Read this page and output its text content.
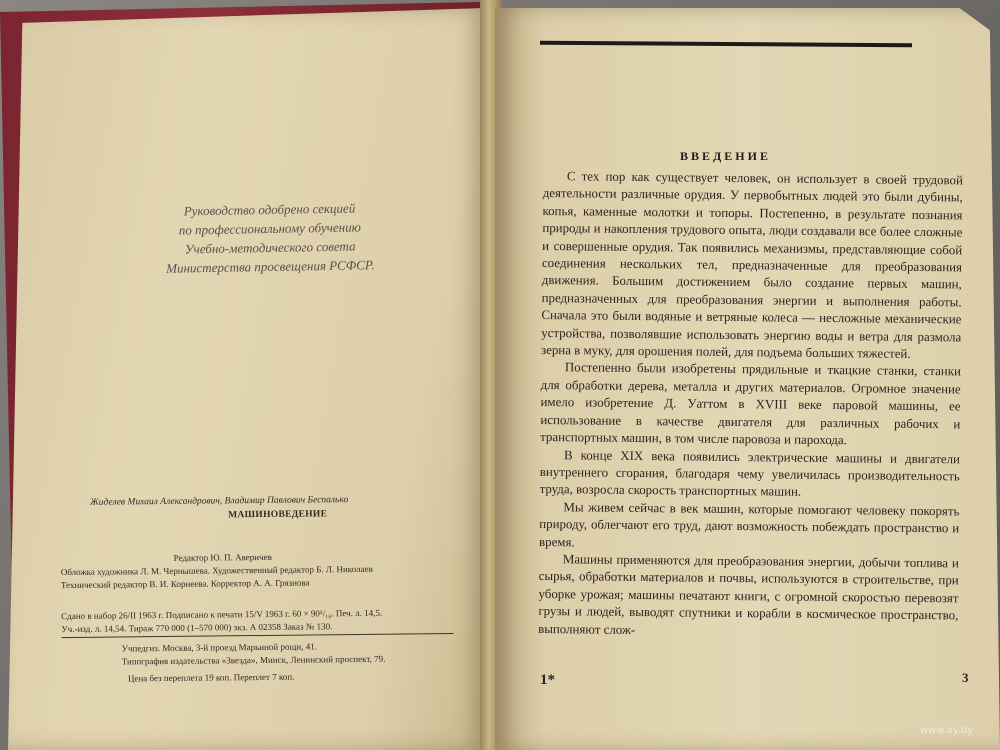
Руководство одобрено секцией
по профессиональному обучению
Учебно-методического совета
Министерства просвещения РСФСР.
Жиделев Михаил Александрович, Владимир Павлович Беспалько
МАШИНОВЕДЕНИЕ
Редактор Ю. П. Аверичев
Обложка художника Л. М. Чернышева. Художественный редактор Б. Л. Николаев
Технический редактор В. И. Корнеева. Корректор А. А. Грязнова
Сдано в набор 26/II 1963 г. Подписано к печати 15/V 1963 г. 60 × 90¹/₁₆. Печ. л. 14,5.
Уч.-изд. л. 14,54. Тираж 770 000 (1–570 000) экз. А 02358 Заказ № 130.
Учпедгиз. Москва, 3-й проезд Марьиной рощи, 41.
Типография издательства «Звезда», Минск, Ленинский проспект, 79.
Цена без переплета 19 коп. Переплет 7 коп.
ВВЕДЕНИЕ

С тех пор как существует человек, он использует в своей трудовой деятельности различные орудия. У первобытных людей это были дубины, копья, каменные молотки и топоры. Постепенно, в результате познания природы и накопления трудового опыта, люди создавали все более сложные и совершенные орудия. Так появились механизмы, представляющие собой соединения нескольких тел, предназначенные для преобразования движения. Большим достижением было создание первых машин, предназначенных для преобразования энергии и выполнения работы. Сначала это были водяные и ветряные колеса — несложные механические устройства, позволявшие использовать энергию воды и ветра для размола зерна в муку, для орошения полей, для подъема больших тяжестей.

Постепенно были изобретены прядильные и ткацкие станки, станки для обработки дерева, металла и других материалов. Огромное значение имело изобретение Д. Уаттом в XVIII веке паровой машины, ее использование в качестве двигателя для различных рабочих и транспортных машин, в том числе паровоза и парохода.

В конце XIX века появились электрические машины и двигатели внутреннего сгорания, благодаря чему увеличилась производительность труда, возросла скорость транспортных машин.

Мы живем сейчас в век машин, которые помогают человеку покорять природу, облегчают его труд, дают возможность побеждать пространство и время.

Машины применяются для преобразования энергии, добычи топлива и сырья, обработки материалов и почвы, используются в строительстве, при уборке урожая; машины печатают книги, с огромной скоростью перевозят грузы и людей, выводят спутники и корабли в космическое пространство, выполняют слож-

1*	3
www.ay.by
